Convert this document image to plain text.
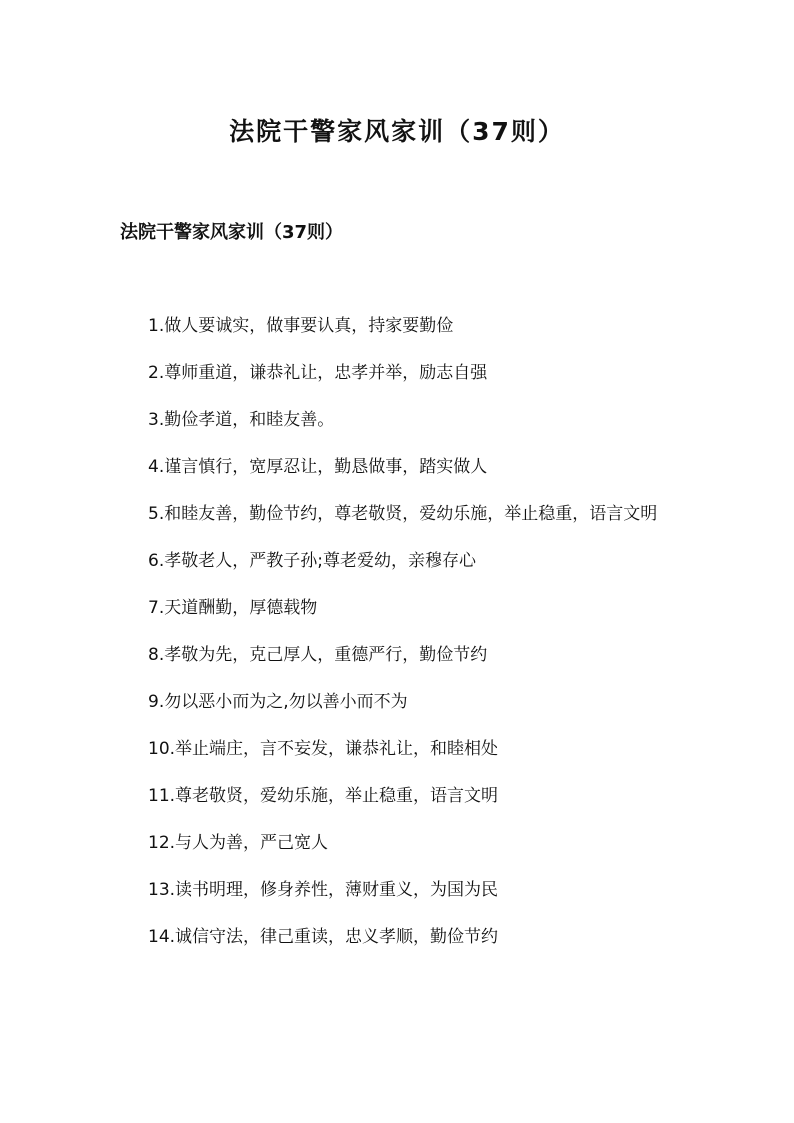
法院干警家风家训（37则）
法院干警家风家训（37则）
1.做人要诚实，做事要认真，持家要勤俭
2.尊师重道，谦恭礼让，忠孝并举，励志自强
3.勤俭孝道，和睦友善。
4.谨言慎行，宽厚忍让，勤恳做事，踏实做人
5.和睦友善，勤俭节约，尊老敬贤，爱幼乐施，举止稳重，语言文明
6.孝敬老人，严教子孙;尊老爱幼，亲穆存心
7.天道酬勤，厚德载物
8.孝敬为先，克己厚人，重德严行，勤俭节约
9.勿以恶小而为之,勿以善小而不为
10.举止端庄，言不妄发，谦恭礼让，和睦相处
11.尊老敬贤，爱幼乐施，举止稳重，语言文明
12.与人为善，严己宽人
13.读书明理，修身养性，薄财重义，为国为民
14.诚信守法，律己重读，忠义孝顺，勤俭节约
